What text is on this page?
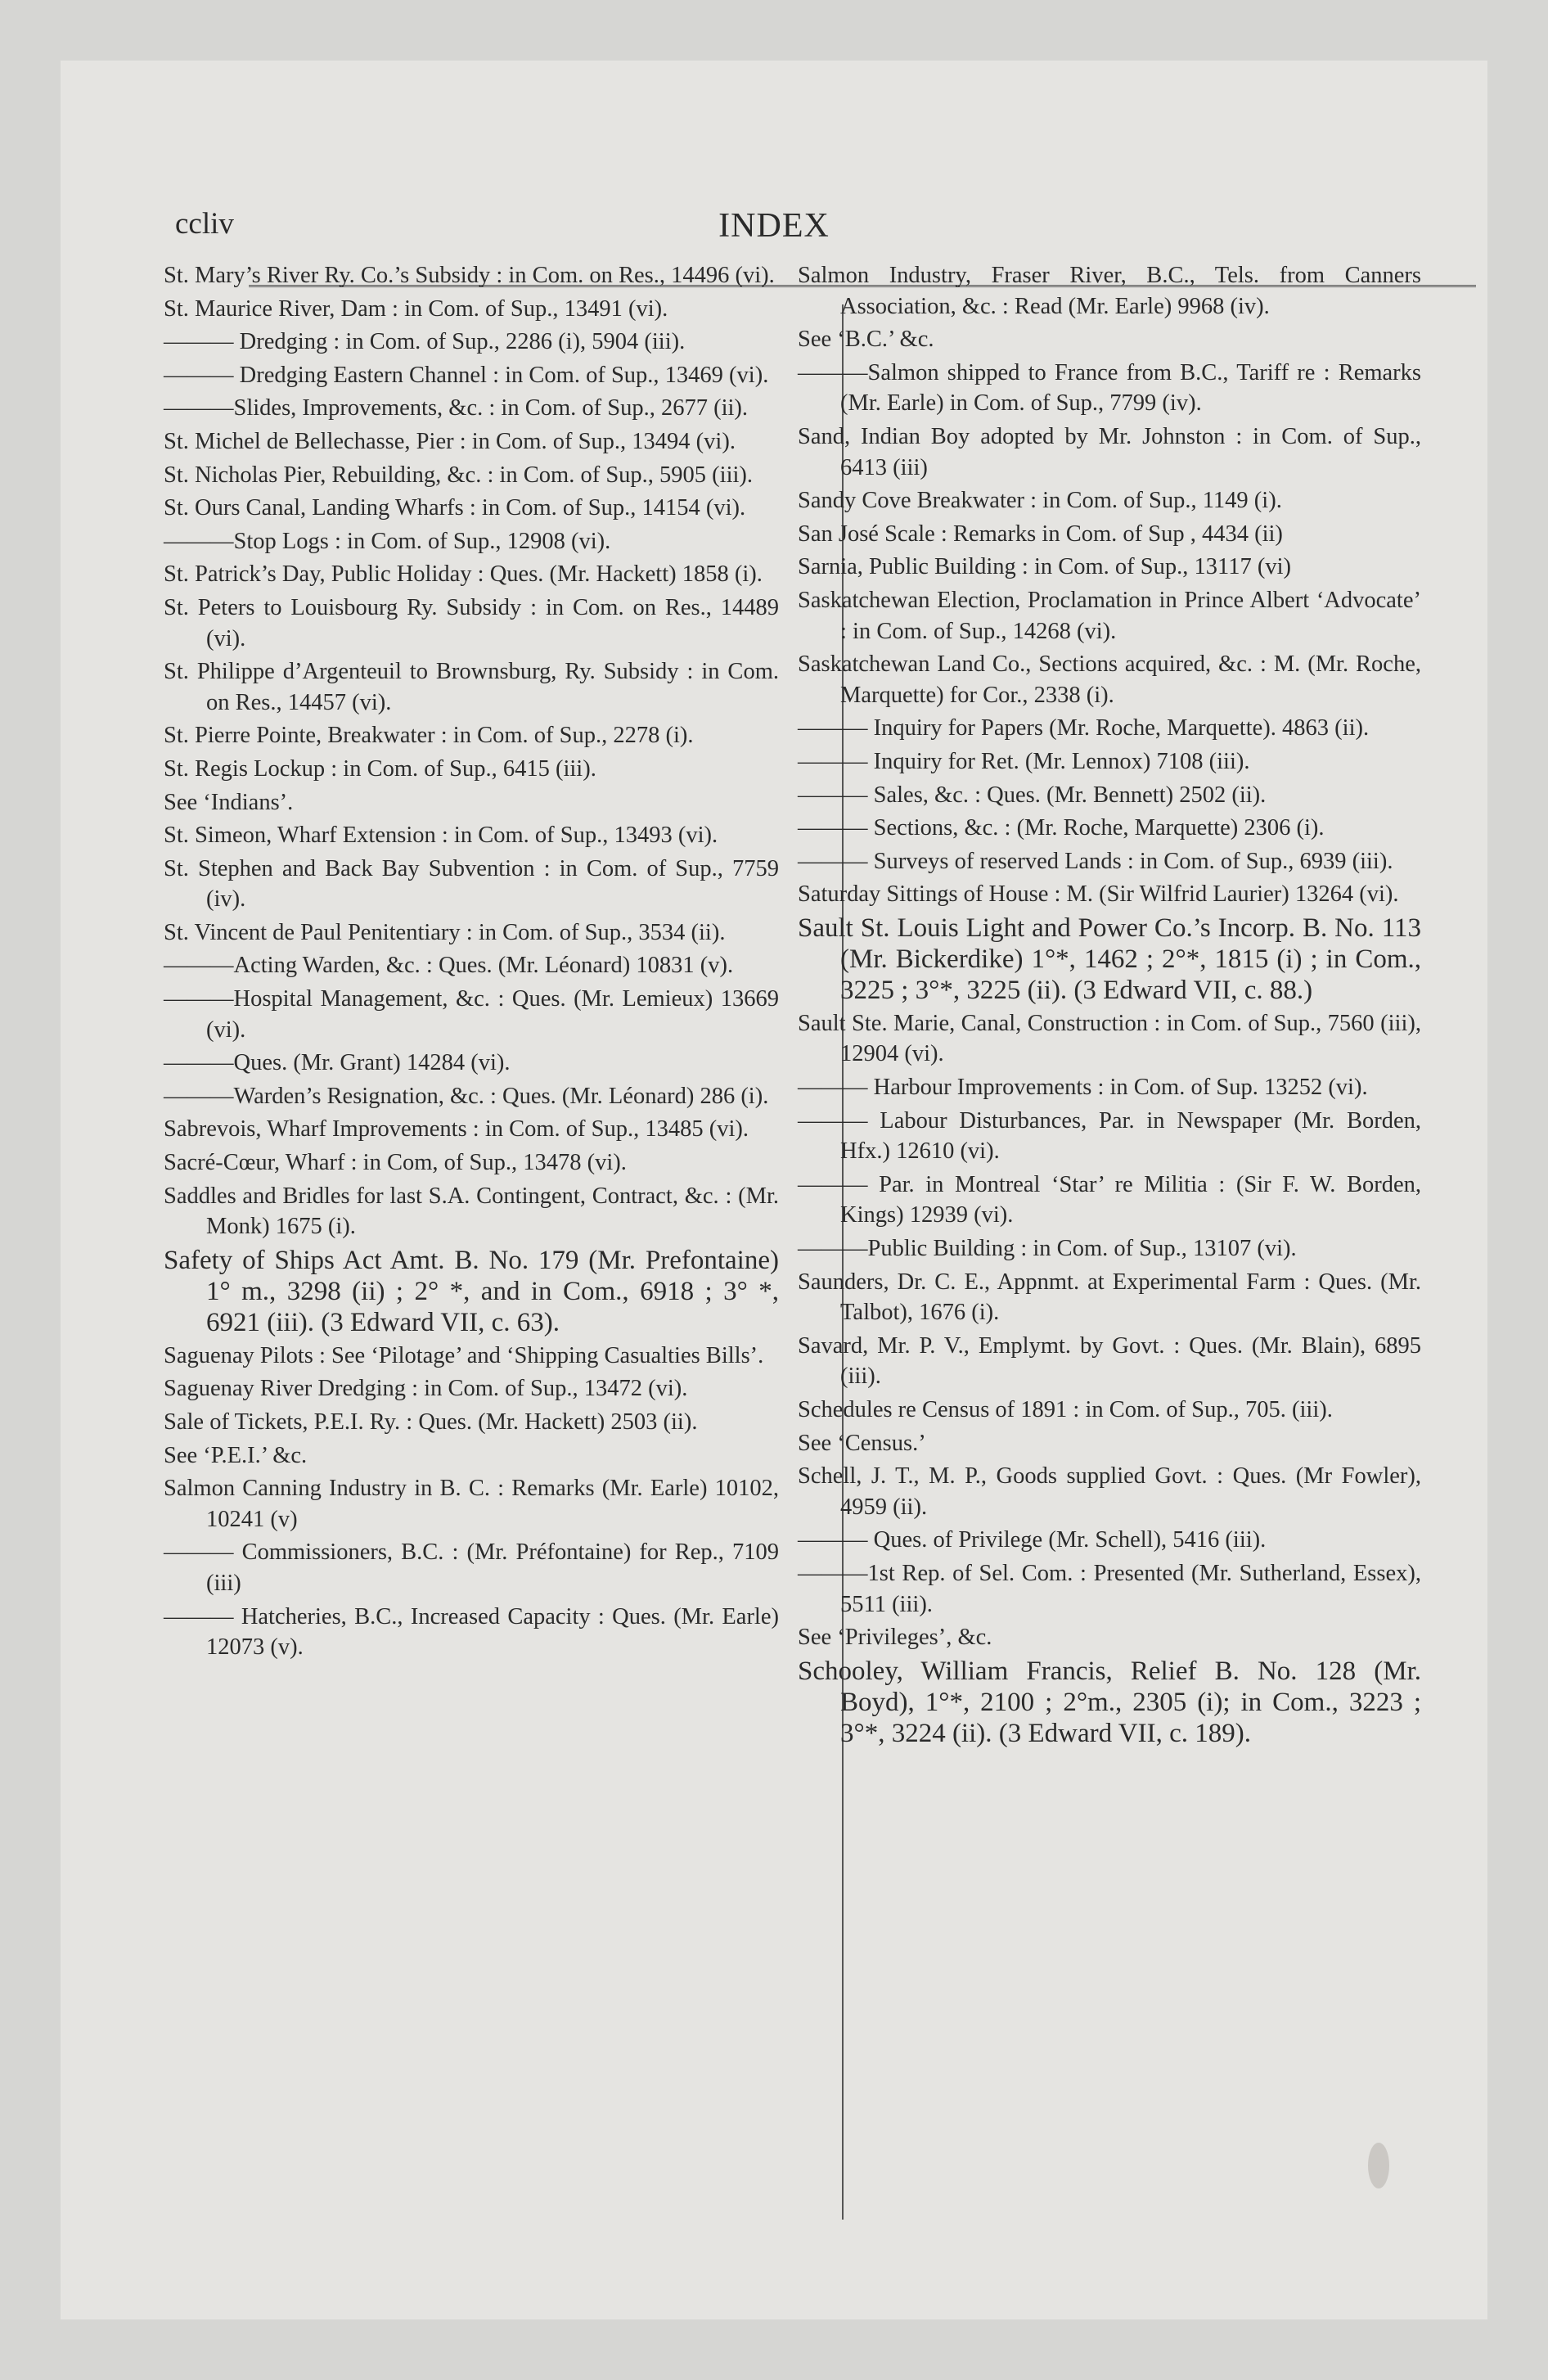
ccliv	INDEX
St. Mary’s River Ry. Co.’s Subsidy : in Com. on Res., 14496 (vi).
St. Maurice River, Dam : in Com. of Sup., 13491 (vi).
——— Dredging : in Com. of Sup., 2286 (i), 5904 (iii).
——— Dredging Eastern Channel : in Com. of Sup., 13469 (vi).
———Slides, Improvements, &c. : in Com. of Sup., 2677 (ii).
St. Michel de Bellechasse, Pier : in Com. of Sup., 13494 (vi).
St. Nicholas Pier, Rebuilding, &c. : in Com. of Sup., 5905 (iii).
St. Ours Canal, Landing Wharfs : in Com. of Sup., 14154 (vi).
———Stop Logs : in Com. of Sup., 12908 (vi).
St. Patrick’s Day, Public Holiday : Ques. (Mr. Hackett) 1858 (i).
St. Peters to Louisbourg Ry. Subsidy : in Com. on Res., 14489 (vi).
St. Philippe d’Argenteuil to Brownsburg, Ry. Subsidy : in Com. on Res., 14457 (vi).
St. Pierre Pointe, Breakwater : in Com. of Sup., 2278 (i).
St. Regis Lockup : in Com. of Sup., 6415 (iii).
See ‘Indians’.
St. Simeon, Wharf Extension : in Com. of Sup., 13493 (vi).
St. Stephen and Back Bay Subvention : in Com. of Sup., 7759 (iv).
St. Vincent de Paul Penitentiary : in Com. of Sup., 3534 (ii).
———Acting Warden, &c. : Ques. (Mr. Léonard) 10831 (v).
———Hospital Management, &c. : Ques. (Mr. Lemieux) 13669 (vi).
———Ques. (Mr. Grant) 14284 (vi).
———Warden’s Resignation, &c. : Ques. (Mr. Léonard) 286 (i).
Sabrevois, Wharf Improvements : in Com. of Sup., 13485 (vi).
Sacré-Cœur, Wharf : in Com, of Sup., 13478 (vi).
Saddles and Bridles for last S.A. Contingent, Contract, &c. : (Mr. Monk) 1675 (i).
Safety of Ships Act Amt. B. No. 179 (Mr. Prefontaine) 1° m., 3298 (ii) ; 2° *, and in Com., 6918 ; 3° *, 6921 (iii). (3 Edward VII, c. 63).
Saguenay Pilots : See ‘Pilotage’ and ‘Shipping Casualties Bills’.
Saguenay River Dredging : in Com. of Sup., 13472 (vi).
Sale of Tickets, P.E.I. Ry. : Ques. (Mr. Hackett) 2503 (ii).
See ‘P.E.I.’ &c.
Salmon Canning Industry in B. C. : Remarks (Mr. Earle) 10102, 10241 (v)
——— Commissioners, B.C. : (Mr. Préfontaine) for Rep., 7109 (iii)
——— Hatcheries, B.C., Increased Capacity : Ques. (Mr. Earle) 12073 (v).
Salmon Industry, Fraser River, B.C., Tels. from Canners Association, &c. : Read (Mr. Earle) 9968 (iv).
See ‘B.C.’ &c.
———Salmon shipped to France from B.C., Tariff re : Remarks (Mr. Earle) in Com. of Sup., 7799 (iv).
Sand, Indian Boy adopted by Mr. Johnston : in Com. of Sup., 6413 (iii)
Sandy Cove Breakwater : in Com. of Sup., 1149 (i).
San José Scale : Remarks in Com. of Sup , 4434 (ii)
Sarnia, Public Building : in Com. of Sup., 13117 (vi)
Saskatchewan Election, Proclamation in Prince Albert ‘Advocate’ : in Com. of Sup., 14268 (vi).
Saskatchewan Land Co., Sections acquired, &c. : M. (Mr. Roche, Marquette) for Cor., 2338 (i).
——— Inquiry for Papers (Mr. Roche, Marquette). 4863 (ii).
——— Inquiry for Ret. (Mr. Lennox) 7108 (iii).
——— Sales, &c. : Ques. (Mr. Bennett) 2502 (ii).
——— Sections, &c. : (Mr. Roche, Marquette) 2306 (i).
——— Surveys of reserved Lands : in Com. of Sup., 6939 (iii).
Saturday Sittings of House : M. (Sir Wilfrid Laurier) 13264 (vi).
Sault St. Louis Light and Power Co.’s Incorp. B. No. 113 (Mr. Bickerdike) 1°*, 1462 ; 2°*, 1815 (i) ; in Com., 3225 ; 3°*, 3225 (ii). (3 Edward VII, c. 88.)
Sault Ste. Marie, Canal, Construction : in Com. of Sup., 7560 (iii), 12904 (vi).
——— Harbour Improvements : in Com. of Sup. 13252 (vi).
——— Labour Disturbances, Par. in Newspaper (Mr. Borden, Hfx.) 12610 (vi).
——— Par. in Montreal ‘Star’ re Militia : (Sir F. W. Borden, Kings) 12939 (vi).
———Public Building : in Com. of Sup., 13107 (vi).
Saunders, Dr. C. E., Appnmt. at Experimental Farm : Ques. (Mr. Talbot), 1676 (i).
Savard, Mr. P. V., Emplymt. by Govt. : Ques. (Mr. Blain), 6895 (iii).
Schedules re Census of 1891 : in Com. of Sup., 705. (iii).
See ‘Census.’
Schell, J. T., M. P., Goods supplied Govt. : Ques. (Mr Fowler), 4959 (ii).
——— Ques. of Privilege (Mr. Schell), 5416 (iii).
———1st Rep. of Sel. Com. : Presented (Mr. Sutherland, Essex), 5511 (iii).
See ‘Privileges’, &c.
Schooley, William Francis, Relief B. No. 128 (Mr. Boyd), 1°*, 2100 ; 2°m., 2305 (i); in Com., 3223 ; 3°*, 3224 (ii). (3 Edward VII, c. 189).
